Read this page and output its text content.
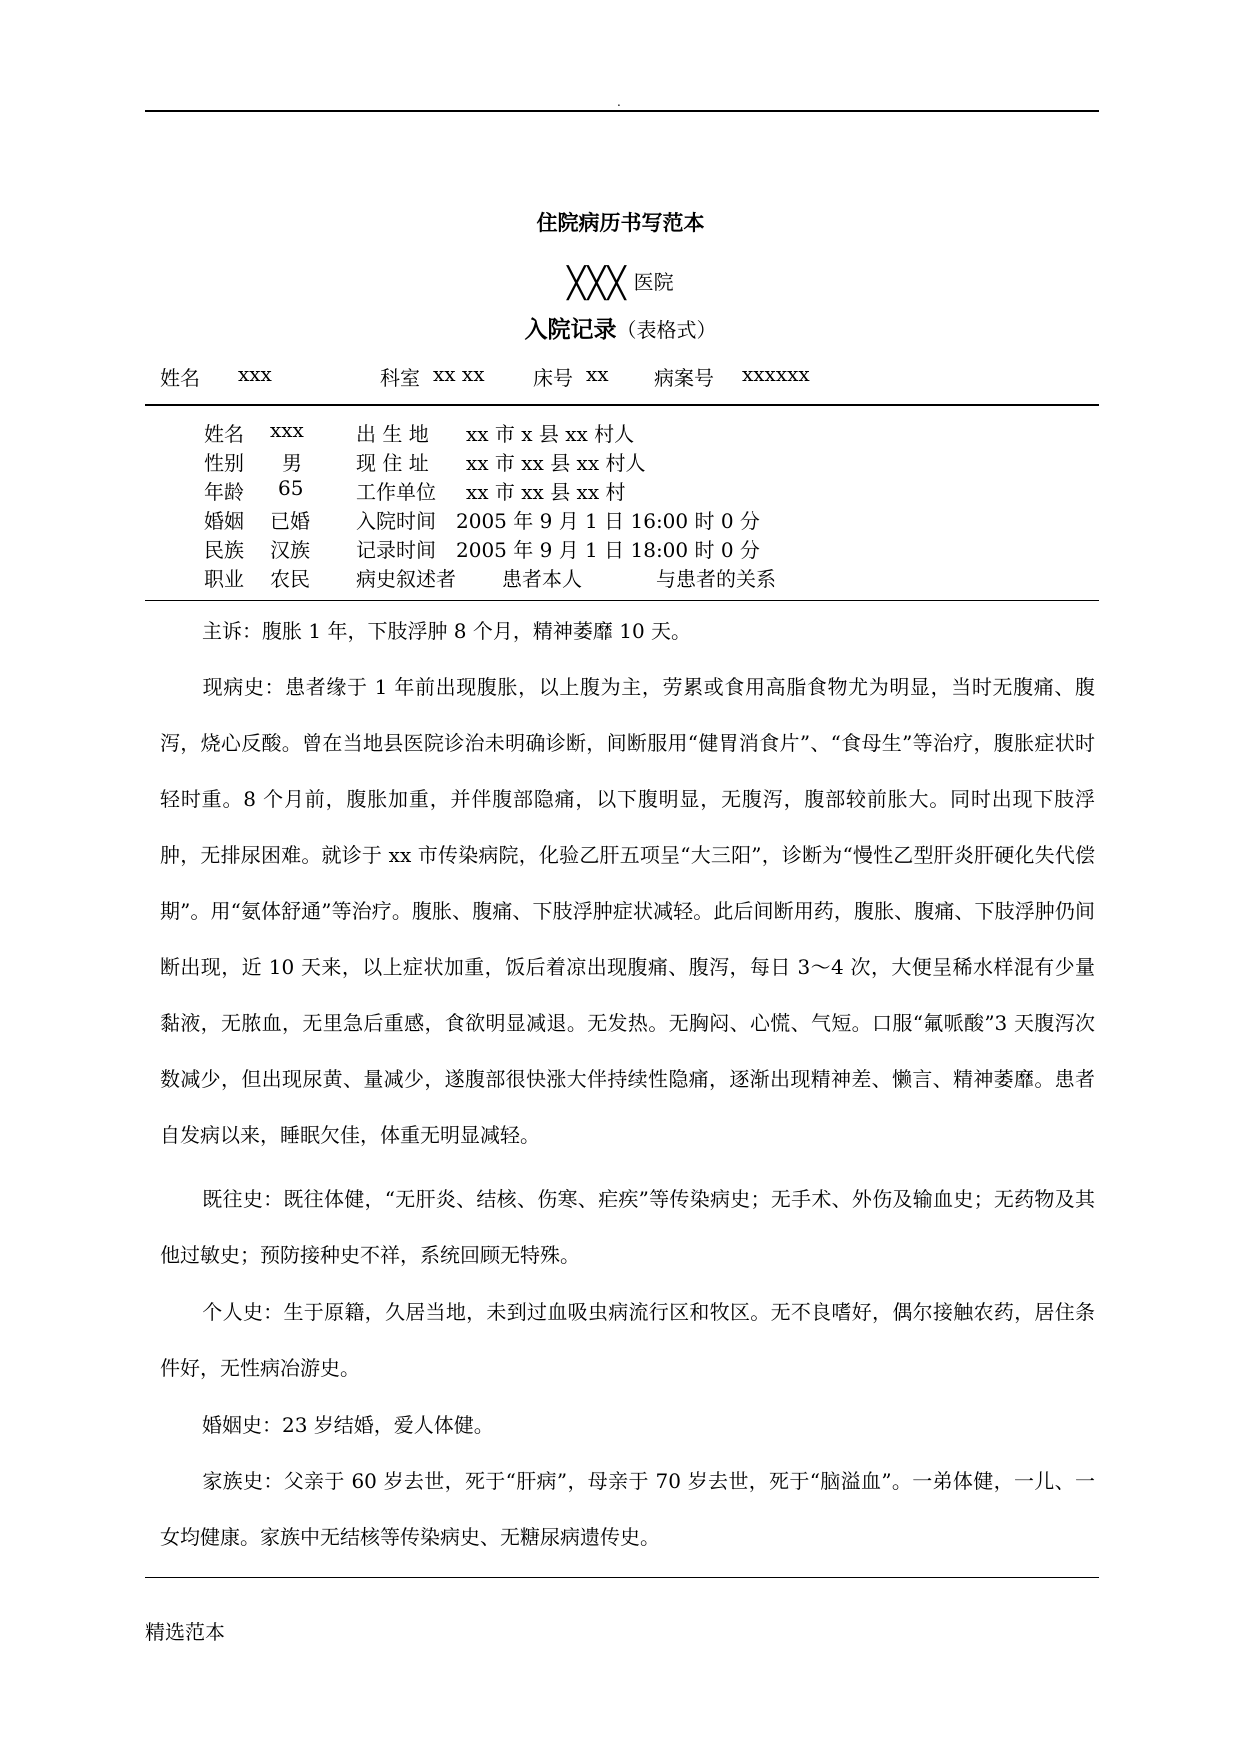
.
住院病历书写范本
╳╳╳ 医院
入院记录（表格式）
姓名 xxx	科室 xx xx 床号 xx 病案号 xxxxxx
姓名 xxx	出 生 地 xx 市 x 县 xx 村人
性别 男	现 住 址 xx 市 xx 县 xx 村人
年龄 65	工作单位 xx 市 xx 县 xx 村
婚姻 已婚 入院时间 2005 年 9 月 1 日 16:00 时 0 分
民族 汉族 记录时间 2005 年 9 月 1 日 18:00 时 0 分
职业 农民 病史叙述者 患者本人	与患者的关系

主诉：腹胀 1 年，下肢浮肿 8 个月，精神萎靡 10 天。

现病史：患者缘于 1 年前出现腹胀，以上腹为主，劳累或食用高脂食物尤为明显，当时无腹痛、腹泻，烧心反酸。曾在当地县医院诊治未明确诊断，间断服用“健胃消食片”、“食母生”等治疗，腹胀症状时轻时重。8 个月前，腹胀加重，并伴腹部隐痛，以下腹明显，无腹泻，腹部较前胀大。同时出现下肢浮肿，无排尿困难。就诊于 xx 市传染病院，化验乙肝五项呈“大三阳”，诊断为“慢性乙型肝炎肝硬化失代偿期”。用“氨体舒通”等治疗。腹胀、腹痛、下肢浮肿症状减轻。此后间断用药，腹胀、腹痛、下肢浮肿仍间断出现，近 10 天来，以上症状加重，饭后着凉出现腹痛、腹泻，每日 3～4 次，大便呈稀水样混有少量黏液，无脓血，无里急后重感，食欲明显减退。无发热。无胸闷、心慌、气短。口服“氟哌酸”3 天腹泻次数减少，但出现尿黄、量减少，遂腹部很快涨大伴持续性隐痛，逐渐出现精神差、懒言、精神萎靡。患者自发病以来，睡眠欠佳，体重无明显减轻。

既往史：既往体健，“无肝炎、结核、伤寒、疟疾”等传染病史；无手术、外伤及输血史；无药物及其他过敏史；预防接种史不祥，系统回顾无特殊。

个人史：生于原籍，久居当地，未到过血吸虫病流行区和牧区。无不良嗜好，偶尔接触农药，居住条件好，无性病冶游史。

婚姻史：23 岁结婚，爱人体健。

家族史：父亲于 60 岁去世，死于“肝病”，母亲于 70 岁去世，死于“脑溢血”。一弟体健，一儿、一女均健康。家族中无结核等传染病史、无糖尿病遗传史。

精选范本
